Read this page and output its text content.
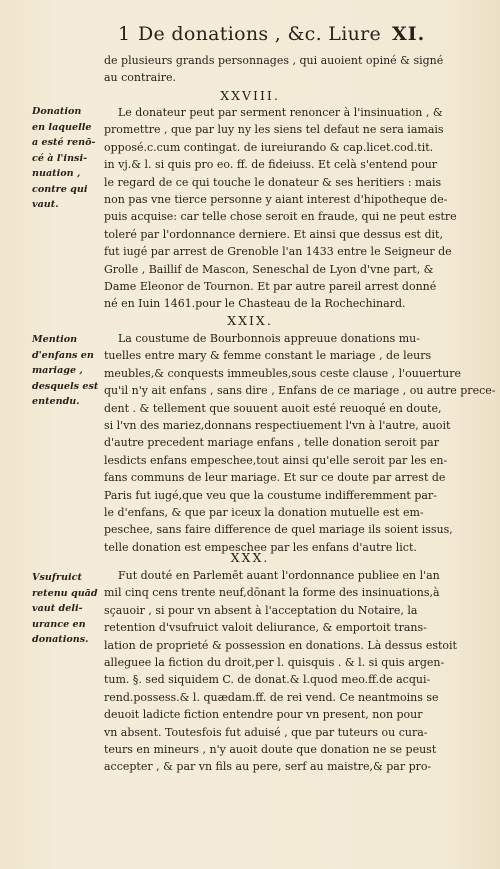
1 De donations , &c. Liure XI.
de plusieurs grands personnages , qui auoient opiné & signé
au contraire.
XXVIII.
Donation
en laquelle
a esté renō-
cé à l'insi-
nuation ,
contre qui
vaut.
Le donateur peut par serment renoncer à l'insinuation , &
promettre , que par luy ny les siens tel defaut ne sera iamais
opposé.c.cum contingat. de iureiurando & cap.licet.cod.tit.
in vj.& l. si quis pro eo. ff. de fideiuss. Et celà s'entend pour
le regard de ce qui touche le donateur & ses heritiers : mais
non pas vne tierce personne y aiant interest d'hipotheque de-
puis acquise: car telle chose seroit en fraude, qui ne peut estre
toleré par l'ordonnance derniere. Et ainsi que dessus est dit,
fut iugé par arrest de Grenoble l'an 1433 entre le Seigneur de
Grolle , Baillif de Mascon, Seneschal de Lyon d'vne part, &
Dame Eleonor de Tournon. Et par autre pareil arrest donné
né en Iuin 1461.pour le Chasteau de la Rochechinard.
XXIX.
Mention
d'enfans en
mariage ,
desquels est
entendu.
La coustume de Bourbonnois appreuue donations mu-
tuelles entre mary & femme constant le mariage , de leurs
meubles,& conquests immeubles,sous ceste clause , l'ouuerture
qu'il n'y ait enfans , sans dire , Enfans de ce mariage , ou autre prece-
dent . & tellement que souuent auoit esté reuoqué en doute,
si l'vn des mariez,donnans respectiuement l'vn à l'autre, auoit
d'autre precedent mariage enfans , telle donation seroit par
lesdicts enfans empeschee,tout ainsi qu'elle seroit par les en-
fans communs de leur mariage. Et sur ce doute par arrest de
Paris fut iugé,que veu que la coustume indifferemment par-
le d'enfans, & que par iceux la donation mutuelle est em-
peschee, sans faire difference de quel mariage ils soient issus,
telle donation est empeschee par les enfans d'autre lict.
XXX.
Vsufruict
retenu quād
vaut deli-
urance en
donations.
Fut douté en Parlemēt auant l'ordonnance publiee en l'an
mil cinq cens trente neuf,dōnant la forme des insinuations,à
sçauoir , si pour vn absent à l'acceptation du Notaire, la
retention d'vsufruict valoit deliurance, & emportoit trans-
lation de proprieté & possession en donations. Là dessus estoit
alleguee la fiction du droit,per l. quisquis . & l. si quis argen-
tum. §. sed siquidem C. de donat.& l.quod meo.ff.de acqui-
rend.possess.& l. quædam.ff. de rei vend. Ce neantmoins se
deuoit ladicte fiction entendre pour vn present, non pour
vn absent. Toutesfois fut aduisé , que par tuteurs ou cura-
teurs en mineurs , n'y auoit doute que donation ne se peust
accepter , & par vn fils au pere, serf au maistre,& par pro-
